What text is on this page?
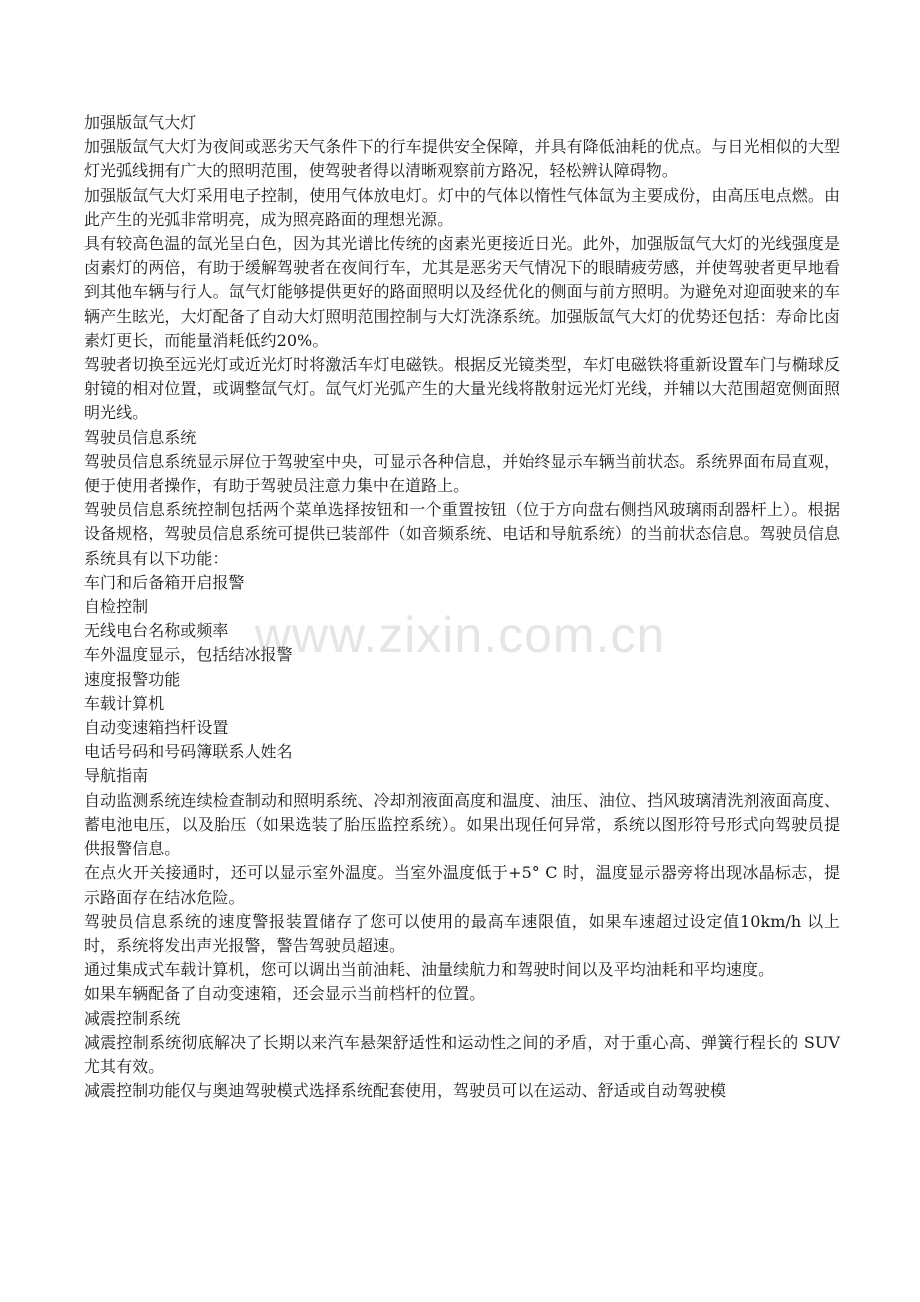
加强版氙气大灯

加强版氙气大灯为夜间或恶劣天气条件下的行车提供安全保障，并具有降低油耗的优点。与日光相似的大型灯光弧线拥有广大的照明范围，使驾驶者得以清晰观察前方路况，轻松辨认障碍物。

加强版氙气大灯采用电子控制，使用气体放电灯。灯中的气体以惰性气体氙为主要成份，由高压电点燃。由此产生的光弧非常明亮，成为照亮路面的理想光源。

具有较高色温的氙光呈白色，因为其光谱比传统的卤素光更接近日光。此外，加强版氙气大灯的光线强度是卤素灯的两倍，有助于缓解驾驶者在夜间行车，尤其是恶劣天气情况下的眼睛疲劳感，并使驾驶者更早地看到其他车辆与行人。氙气灯能够提供更好的路面照明以及经优化的侧面与前方照明。为避免对迎面驶来的车辆产生眩光，大灯配备了自动大灯照明范围控制与大灯洗涤系统。加强版氙气大灯的优势还包括：寿命比卤素灯更长，而能量消耗低约20%。

驾驶者切换至远光灯或近光灯时将激活车灯电磁铁。根据反光镜类型，车灯电磁铁将重新设置车门与椭球反射镜的相对位置，或调整氙气灯。氙气灯光弧产生的大量光线将散射远光灯光线，并辅以大范围超宽侧面照明光线。

驾驶员信息系统

驾驶员信息系统显示屏位于驾驶室中央，可显示各种信息，并始终显示车辆当前状态。系统界面布局直观，便于使用者操作，有助于驾驶员注意力集中在道路上。

驾驶员信息系统控制包括两个菜单选择按钮和一个重置按钮（位于方向盘右侧挡风玻璃雨刮器杆上）。根据设备规格，驾驶员信息系统可提供已装部件（如音频系统、电话和导航系统）的当前状态信息。驾驶员信息系统具有以下功能：

车门和后备箱开启报警

自检控制

无线电台名称或频率

车外温度显示，包括结冰报警

速度报警功能

车载计算机

自动变速箱挡杆设置

电话号码和号码簿联系人姓名

导航指南

自动监测系统连续检查制动和照明系统、冷却剂液面高度和温度、油压、油位、挡风玻璃清洗剂液面高度、蓄电池电压，以及胎压（如果选装了胎压监控系统）。如果出现任何异常，系统以图形符号形式向驾驶员提供报警信息。

在点火开关接通时，还可以显示室外温度。当室外温度低于+5° C 时，温度显示器旁将出现冰晶标志，提示路面存在结冰危险。

驾驶员信息系统的速度警报装置储存了您可以使用的最高车速限值，如果车速超过设定值10km/h 以上时，系统将发出声光报警，警告驾驶员超速。

通过集成式车载计算机，您可以调出当前油耗、油量续航力和驾驶时间以及平均油耗和平均速度。

如果车辆配备了自动变速箱，还会显示当前档杆的位置。

减震控制系统

减震控制系统彻底解决了长期以来汽车悬架舒适性和运动性之间的矛盾，对于重心高、弹簧行程长的 SUV 尤其有效。

减震控制功能仅与奥迪驾驶模式选择系统配套使用，驾驶员可以在运动、舒适或自动驾驶模

www.zixin.com.cn
